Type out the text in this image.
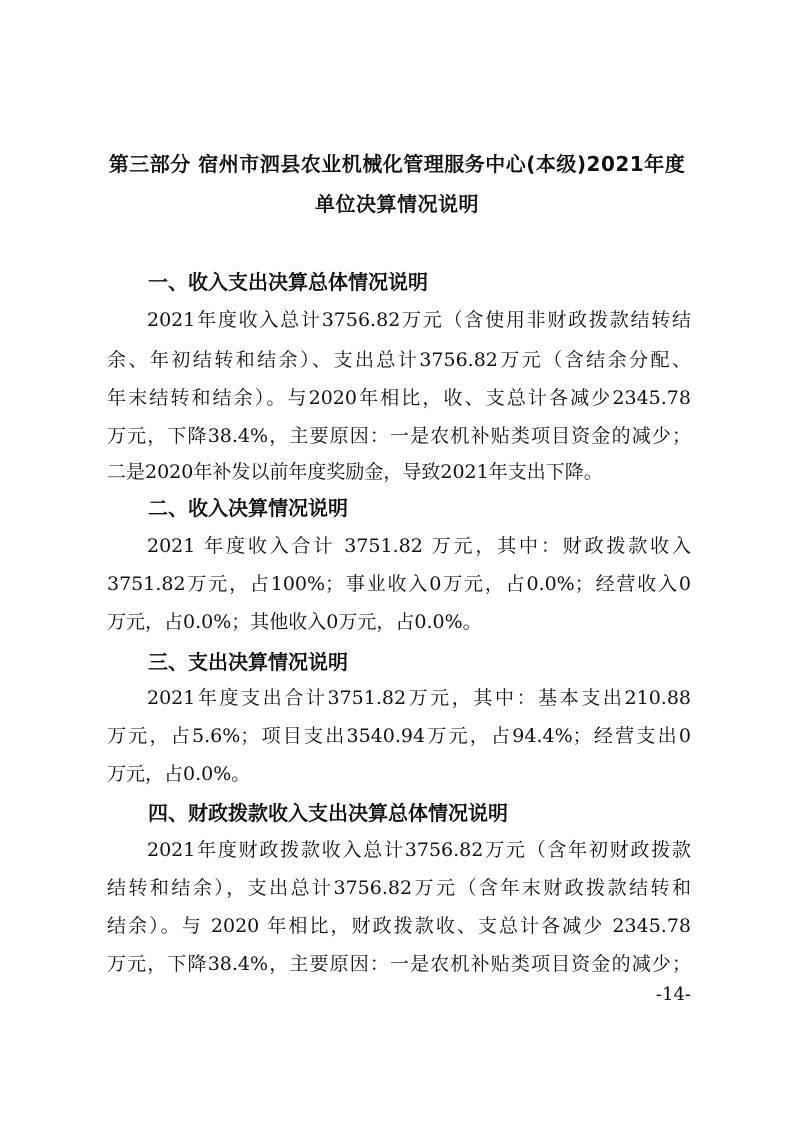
第三部分 宿州市泗县农业机械化管理服务中心(本级)2021年度
单位决算情况说明
一、收入支出决算总体情况说明
2021年度收入总计3756.82万元（含使用非财政拨款结转结
余、年初结转和结余）、支出总计3756.82万元（含结余分配、
年末结转和结余）。与2020年相比，收、支总计各减少2345.78
万元，下降38.4%，主要原因：一是农机补贴类项目资金的减少；
二是2020年补发以前年度奖励金，导致2021年支出下降。
二、收入决算情况说明
2021 年度收入合计 3751.82 万元，其中：财政拨款收入
3751.82万元，占100%；事业收入0万元，占0.0%；经营收入0
万元，占0.0%；其他收入0万元，占0.0%。
三、支出决算情况说明
2021年度支出合计3751.82万元，其中：基本支出210.88
万元，占5.6%；项目支出3540.94万元，占94.4%；经营支出0
万元，占0.0%。
四、财政拨款收入支出决算总体情况说明
2021年度财政拨款收入总计3756.82万元（含年初财政拨款
结转和结余），支出总计3756.82万元（含年末财政拨款结转和
结余）。与 2020 年相比，财政拨款收、支总计各减少 2345.78
万元，下降38.4%，主要原因：一是农机补贴类项目资金的减少；
-14-
